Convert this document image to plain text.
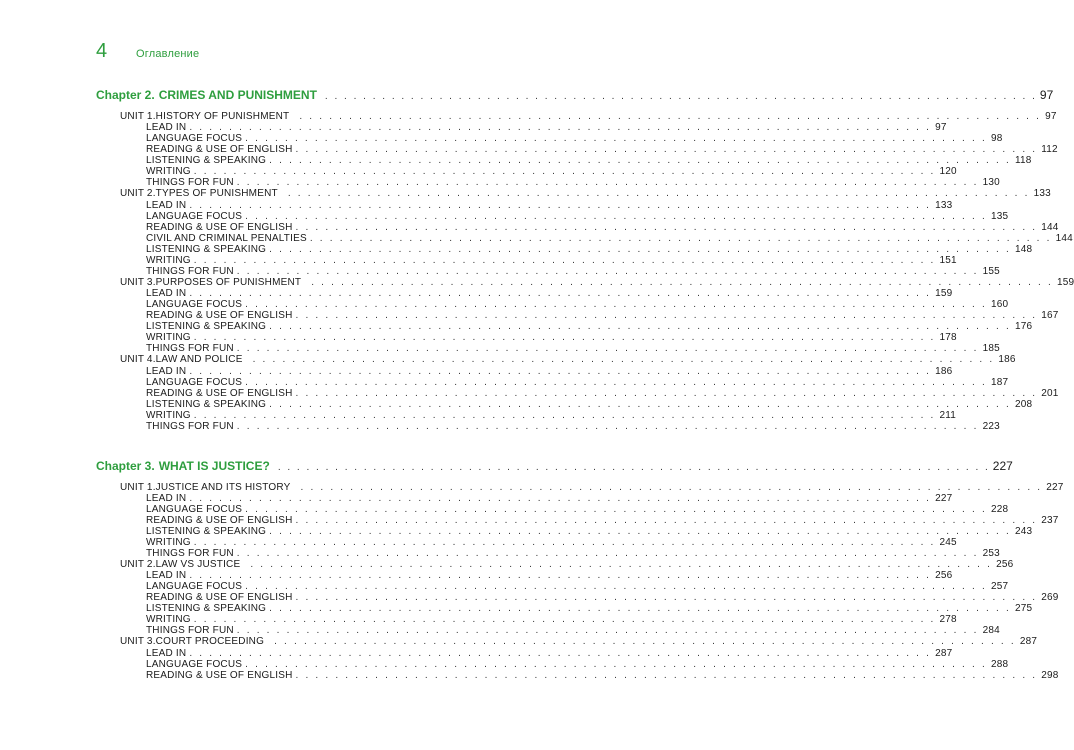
4	Оглавление
Chapter 2. CRIMES AND PUNISHMENT . . . . . . . . . . . . . . . . . . . . . . . . . . . . . . . . . . . . . . . . . . . . . . . . . . . . . . . . . . . . . . . . . . . . . . . . . . . 97
UNIT 1. HISTORY OF PUNISHMENT . . . . . . . . . . . . . . . . . . . . . . . . . . . . . . . . . . . . . . . . . . . . . . . . . . . . . . . . . . . . . . . . . . . . . . . . . . . 97
LEAD IN . . . . . . . . . . . . . . . . . . . . . . . . . . . . . . . . . . . . . . . . . . . . . . . . . . . . . . . . . . . . . . . . . . . . . . . . . . . 97
LANGUAGE FOCUS . . . . . . . . . . . . . . . . . . . . . . . . . . . . . . . . . . . . . . . . . . . . . . . . . . . . . . . . . . . . . . . . . . . . . . . . . . . 98
READING & USE OF ENGLISH . . . . . . . . . . . . . . . . . . . . . . . . . . . . . . . . . . . . . . . . . . . . . . . . . . . . . . . . . . . . . . . . . . . . . . . . . . . 112
LISTENING & SPEAKING . . . . . . . . . . . . . . . . . . . . . . . . . . . . . . . . . . . . . . . . . . . . . . . . . . . . . . . . . . . . . . . . . . . . . . . . . . . 118
WRITING . . . . . . . . . . . . . . . . . . . . . . . . . . . . . . . . . . . . . . . . . . . . . . . . . . . . . . . . . . . . . . . . . . . . . . . . . . . 120
THINGS FOR FUN . . . . . . . . . . . . . . . . . . . . . . . . . . . . . . . . . . . . . . . . . . . . . . . . . . . . . . . . . . . . . . . . . . . . . . . . . . . 130
UNIT 2. TYPES OF PUNISHMENT . . . . . . . . . . . . . . . . . . . . . . . . . . . . . . . . . . . . . . . . . . . . . . . . . . . . . . . . . . . . . . . . . . . . . . . . . . . 133
LEAD IN . . . . . . . . . . . . . . . . . . . . . . . . . . . . . . . . . . . . . . . . . . . . . . . . . . . . . . . . . . . . . . . . . . . . . . . . . . . 133
LANGUAGE FOCUS . . . . . . . . . . . . . . . . . . . . . . . . . . . . . . . . . . . . . . . . . . . . . . . . . . . . . . . . . . . . . . . . . . . . . . . . . . . 135
READING & USE OF ENGLISH . . . . . . . . . . . . . . . . . . . . . . . . . . . . . . . . . . . . . . . . . . . . . . . . . . . . . . . . . . . . . . . . . . . . . . . . . . . 144
CIVIL AND CRIMINAL PENALTIES . . . . . . . . . . . . . . . . . . . . . . . . . . . . . . . . . . . . . . . . . . . . . . . . . . . . . . . . . . . . . . . . . . . . . . . . . . . 144
LISTENING & SPEAKING . . . . . . . . . . . . . . . . . . . . . . . . . . . . . . . . . . . . . . . . . . . . . . . . . . . . . . . . . . . . . . . . . . . . . . . . . . . 148
WRITING . . . . . . . . . . . . . . . . . . . . . . . . . . . . . . . . . . . . . . . . . . . . . . . . . . . . . . . . . . . . . . . . . . . . . . . . . . . 151
THINGS FOR FUN . . . . . . . . . . . . . . . . . . . . . . . . . . . . . . . . . . . . . . . . . . . . . . . . . . . . . . . . . . . . . . . . . . . . . . . . . . . 155
UNIT 3. PURPOSES OF PUNISHMENT . . . . . . . . . . . . . . . . . . . . . . . . . . . . . . . . . . . . . . . . . . . . . . . . . . . . . . . . . . . . . . . . . . . . . . . . . . . 159
LEAD IN . . . . . . . . . . . . . . . . . . . . . . . . . . . . . . . . . . . . . . . . . . . . . . . . . . . . . . . . . . . . . . . . . . . . . . . . . . . 159
LANGUAGE FOCUS . . . . . . . . . . . . . . . . . . . . . . . . . . . . . . . . . . . . . . . . . . . . . . . . . . . . . . . . . . . . . . . . . . . . . . . . . . . 160
READING & USE OF ENGLISH . . . . . . . . . . . . . . . . . . . . . . . . . . . . . . . . . . . . . . . . . . . . . . . . . . . . . . . . . . . . . . . . . . . . . . . . . . . 167
LISTENING & SPEAKING . . . . . . . . . . . . . . . . . . . . . . . . . . . . . . . . . . . . . . . . . . . . . . . . . . . . . . . . . . . . . . . . . . . . . . . . . . . 176
WRITING . . . . . . . . . . . . . . . . . . . . . . . . . . . . . . . . . . . . . . . . . . . . . . . . . . . . . . . . . . . . . . . . . . . . . . . . . . . 178
THINGS FOR FUN . . . . . . . . . . . . . . . . . . . . . . . . . . . . . . . . . . . . . . . . . . . . . . . . . . . . . . . . . . . . . . . . . . . . . . . . . . . 185
UNIT 4. LAW AND POLICE . . . . . . . . . . . . . . . . . . . . . . . . . . . . . . . . . . . . . . . . . . . . . . . . . . . . . . . . . . . . . . . . . . . . . . . . . . . 186
LEAD IN . . . . . . . . . . . . . . . . . . . . . . . . . . . . . . . . . . . . . . . . . . . . . . . . . . . . . . . . . . . . . . . . . . . . . . . . . . . 186
LANGUAGE FOCUS . . . . . . . . . . . . . . . . . . . . . . . . . . . . . . . . . . . . . . . . . . . . . . . . . . . . . . . . . . . . . . . . . . . . . . . . . . . 187
READING & USE OF ENGLISH . . . . . . . . . . . . . . . . . . . . . . . . . . . . . . . . . . . . . . . . . . . . . . . . . . . . . . . . . . . . . . . . . . . . . . . . . . . 201
LISTENING & SPEAKING . . . . . . . . . . . . . . . . . . . . . . . . . . . . . . . . . . . . . . . . . . . . . . . . . . . . . . . . . . . . . . . . . . . . . . . . . . . 208
WRITING . . . . . . . . . . . . . . . . . . . . . . . . . . . . . . . . . . . . . . . . . . . . . . . . . . . . . . . . . . . . . . . . . . . . . . . . . . . 211
THINGS FOR FUN . . . . . . . . . . . . . . . . . . . . . . . . . . . . . . . . . . . . . . . . . . . . . . . . . . . . . . . . . . . . . . . . . . . . . . . . . . . 223
Chapter 3. WHAT IS JUSTICE? . . . . . . . . . . . . . . . . . . . . . . . . . . . . . . . . . . . . . . . . . . . . . . . . . . . . . . . . . . . . . . . . . . . . . . . . . . . 227
UNIT 1. JUSTICE AND ITS HISTORY . . . . . . . . . . . . . . . . . . . . . . . . . . . . . . . . . . . . . . . . . . . . . . . . . . . . . . . . . . . . . . . . . . . . . . . . . . . 227
LEAD IN . . . . . . . . . . . . . . . . . . . . . . . . . . . . . . . . . . . . . . . . . . . . . . . . . . . . . . . . . . . . . . . . . . . . . . . . . . . 227
LANGUAGE FOCUS . . . . . . . . . . . . . . . . . . . . . . . . . . . . . . . . . . . . . . . . . . . . . . . . . . . . . . . . . . . . . . . . . . . . . . . . . . . 228
READING & USE OF ENGLISH . . . . . . . . . . . . . . . . . . . . . . . . . . . . . . . . . . . . . . . . . . . . . . . . . . . . . . . . . . . . . . . . . . . . . . . . . . . 237
LISTENING & SPEAKING . . . . . . . . . . . . . . . . . . . . . . . . . . . . . . . . . . . . . . . . . . . . . . . . . . . . . . . . . . . . . . . . . . . . . . . . . . . 243
WRITING . . . . . . . . . . . . . . . . . . . . . . . . . . . . . . . . . . . . . . . . . . . . . . . . . . . . . . . . . . . . . . . . . . . . . . . . . . . 245
THINGS FOR FUN . . . . . . . . . . . . . . . . . . . . . . . . . . . . . . . . . . . . . . . . . . . . . . . . . . . . . . . . . . . . . . . . . . . . . . . . . . . 253
UNIT 2. LAW VS JUSTICE . . . . . . . . . . . . . . . . . . . . . . . . . . . . . . . . . . . . . . . . . . . . . . . . . . . . . . . . . . . . . . . . . . . . . . . . . . . 256
LEAD IN . . . . . . . . . . . . . . . . . . . . . . . . . . . . . . . . . . . . . . . . . . . . . . . . . . . . . . . . . . . . . . . . . . . . . . . . . . . 256
LANGUAGE FOCUS . . . . . . . . . . . . . . . . . . . . . . . . . . . . . . . . . . . . . . . . . . . . . . . . . . . . . . . . . . . . . . . . . . . . . . . . . . . 257
READING & USE OF ENGLISH . . . . . . . . . . . . . . . . . . . . . . . . . . . . . . . . . . . . . . . . . . . . . . . . . . . . . . . . . . . . . . . . . . . . . . . . . . . 269
LISTENING & SPEAKING . . . . . . . . . . . . . . . . . . . . . . . . . . . . . . . . . . . . . . . . . . . . . . . . . . . . . . . . . . . . . . . . . . . . . . . . . . . 275
WRITING . . . . . . . . . . . . . . . . . . . . . . . . . . . . . . . . . . . . . . . . . . . . . . . . . . . . . . . . . . . . . . . . . . . . . . . . . . . 278
THINGS FOR FUN . . . . . . . . . . . . . . . . . . . . . . . . . . . . . . . . . . . . . . . . . . . . . . . . . . . . . . . . . . . . . . . . . . . . . . . . . . . 284
UNIT 3. COURT PROCEEDING . . . . . . . . . . . . . . . . . . . . . . . . . . . . . . . . . . . . . . . . . . . . . . . . . . . . . . . . . . . . . . . . . . . . . . . . . . . 287
LEAD IN . . . . . . . . . . . . . . . . . . . . . . . . . . . . . . . . . . . . . . . . . . . . . . . . . . . . . . . . . . . . . . . . . . . . . . . . . . . 287
LANGUAGE FOCUS . . . . . . . . . . . . . . . . . . . . . . . . . . . . . . . . . . . . . . . . . . . . . . . . . . . . . . . . . . . . . . . . . . . . . . . . . . . 288
READING & USE OF ENGLISH . . . . . . . . . . . . . . . . . . . . . . . . . . . . . . . . . . . . . . . . . . . . . . . . . . . . . . . . . . . . . . . . . . . . . . . . . . . 298
